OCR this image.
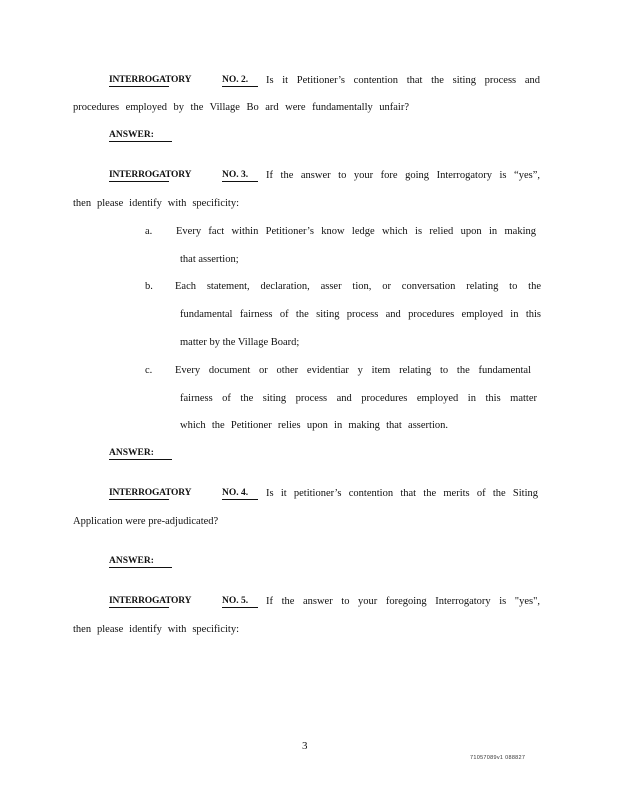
INTERROGATORY	NO. 2.	Is it Petitioner’s contention that the siting process and
procedures employed by the Village Bo ard were fundamentally unfair?
ANSWER:
INTERROGATORY	NO. 3.	If the answer to your fore going Interrogatory is “yes”,
then please identify with specificity:
a. Every fact within Petitioner’s know ledge which is relied upon in making
that assertion;
b. Each statement, declaration, asser tion, or conversation relating to the
fundamental fairness of the siting process and procedures employed in this
matter by the Village Board;
c. Every document or other evidentiar y item relating to the fundamental
fairness of the siting process and procedures employed in this matter
which the Petitioner relies upon in making that assertion.
ANSWER:
INTERROGATORY	NO. 4.	Is it petitioner’s contention that the merits of the Siting
Application were pre-adjudicated?
ANSWER:
INTERROGATORY	NO. 5.	If the answer to your foregoing Interrogatory is "yes",
then please identify with specificity:
3
71057089v1 088827
